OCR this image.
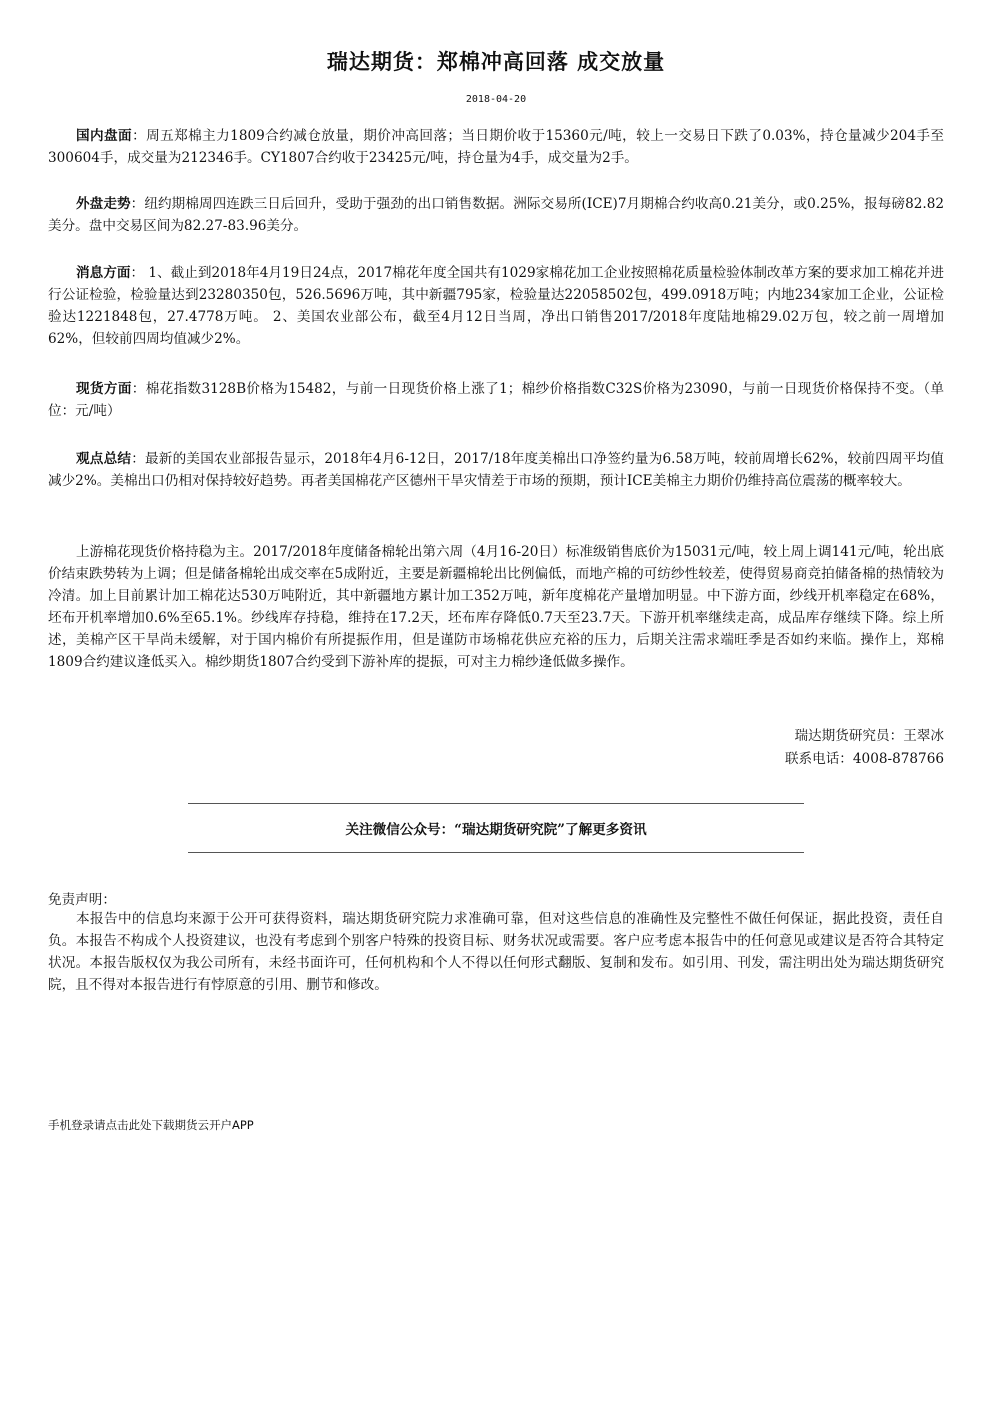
瑞达期货：郑棉冲高回落 成交放量
2018-04-20

国内盘面：周五郑棉主力1809合约减仓放量，期价冲高回落；当日期价收于15360元/吨，较上一交易日下跌了0.03%，持仓量减少204手至300604手，成交量为212346手。CY1807合约收于23425元/吨，持仓量为4手，成交量为2手。

外盘走势：纽约期棉周四连跌三日后回升，受助于强劲的出口销售数据。洲际交易所(ICE)7月期棉合约收高0.21美分，或0.25%，报每磅82.82美分。盘中交易区间为82.27-83.96美分。

消息方面： 1、截止到2018年4月19日24点，2017棉花年度全国共有1029家棉花加工企业按照棉花质量检验体制改革方案的要求加工棉花并进行公证检验，检验量达到23280350包，526.5696万吨，其中新疆795家，检验量达22058502包，499.0918万吨；内地234家加工企业，公证检验达1221848包，27.4778万吨。 2、美国农业部公布，截至4月12日当周，净出口销售2017/2018年度陆地棉29.02万包，较之前一周增加62%，但较前四周均值减少2%。

现货方面：棉花指数3128B价格为15482，与前一日现货价格上涨了1；棉纱价格指数C32S价格为23090，与前一日现货价格保持不变。（单位：元/吨）

观点总结：最新的美国农业部报告显示，2018年4月6-12日，2017/18年度美棉出口净签约量为6.58万吨，较前周增长62%，较前四周平均值减少2%。美棉出口仍相对保持较好趋势。再者美国棉花产区德州干旱灾情差于市场的预期，预计ICE美棉主力期价仍维持高位震荡的概率较大。

上游棉花现货价格持稳为主。2017/2018年度储备棉轮出第六周（4月16-20日）标准级销售底价为15031元/吨，较上周上调141元/吨，轮出底价结束跌势转为上调；但是储备棉轮出成交率在5成附近，主要是新疆棉轮出比例偏低，而地产棉的可纺纱性较差，使得贸易商竞拍储备棉的热情较为冷清。加上目前累计加工棉花达530万吨附近，其中新疆地方累计加工352万吨，新年度棉花产量增加明显。中下游方面，纱线开机率稳定在68%，坯布开机率增加0.6%至65.1%。纱线库存持稳，维持在17.2天，坯布库存降低0.7天至23.7天。下游开机率继续走高，成品库存继续下降。综上所述，美棉产区干旱尚未缓解，对于国内棉价有所提振作用，但是谨防市场棉花供应充裕的压力，后期关注需求端旺季是否如约来临。操作上，郑棉1809合约建议逢低买入。棉纱期货1807合约受到下游补库的提振，可对主力棉纱逢低做多操作。

瑞达期货研究员：王翠冰
联系电话：4008-878766
关注微信公众号：“瑞达期货研究院”了解更多资讯
免责声明：

本报告中的信息均来源于公开可获得资料，瑞达期货研究院力求准确可靠，但对这些信息的准确性及完整性不做任何保证，据此投资，责任自负。本报告不构成个人投资建议，也没有考虑到个别客户特殊的投资目标、财务状况或需要。客户应考虑本报告中的任何意见或建议是否符合其特定状况。本报告版权仅为我公司所有，未经书面许可，任何机构和个人不得以任何形式翻版、复制和发布。如引用、刊发，需注明出处为瑞达期货研究院，且不得对本报告进行有悖原意的引用、删节和修改。

手机登录请点击此处下载期货云开户APP
